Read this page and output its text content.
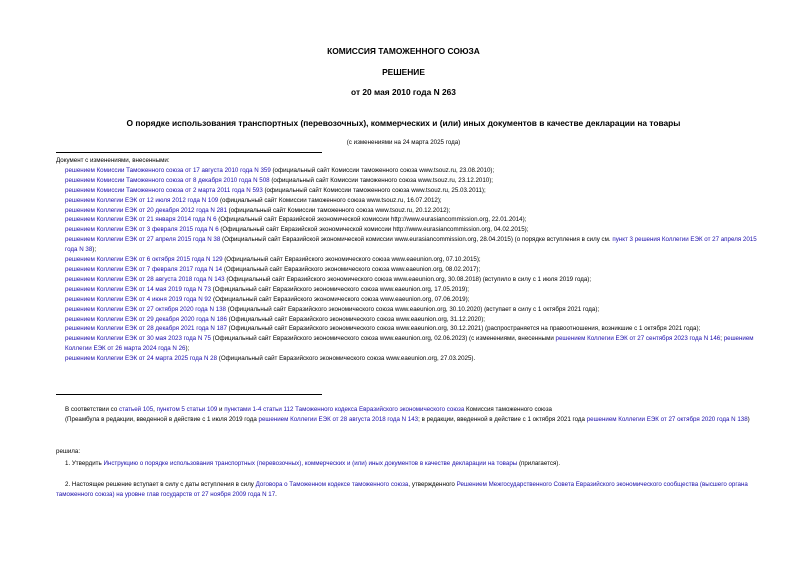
КОМИССИЯ ТАМОЖЕННОГО СОЮЗА
РЕШЕНИЕ
от 20 мая 2010 года N 263
О порядке использования транспортных (перевозочных), коммерческих и (или) иных документов в качестве декларации на товары
(с изменениями на 24 марта 2025 года)
Документ с изменениями, внесенными:
решением Комиссии Таможенного союза от 17 августа 2010 года N 359 (официальный сайт Комиссии таможенного союза www.tsouz.ru, 23.08.2010);
решением Комиссии Таможенного союза от 8 декабря 2010 года N 508 (официальный сайт Комиссии таможенного союза www.tsouz.ru, 23.12.2010);
решением Комиссии Таможенного союза от 2 марта 2011 года N 593 (официальный сайт Комиссии таможенного союза www.tsouz.ru, 25.03.2011);
решением Коллегии ЕЭК от 12 июля 2012 года N 109 (официальный сайт Комиссии таможенного союза www.tsouz.ru, 16.07.2012);
решением Коллегии ЕЭК от 20 декабря 2012 года N 281 (официальный сайт Комиссии таможенного союза www.tsouz.ru, 20.12.2012);
решением Коллегии ЕЭК от 21 января 2014 года N 6 (Официальный сайт Евразийской экономической комиссии http://www.eurasiancommission.org, 22.01.2014);
решением Коллегии ЕЭК от 3 февраля 2015 года N 6 (Официальный сайт Евразийской экономической комиссии http://www.eurasiancommission.org, 04.02.2015);
решением Коллегии ЕЭК от 27 апреля 2015 года N 38 (Официальный сайт Евразийской экономической комиссии www.eurasiancommission.org, 28.04.2015) (о порядке вступления в силу см. пункт 3 решения Коллегии ЕЭК от 27 апреля 2015 года N 38);
решением Коллегии ЕЭК от 6 октября 2015 года N 129 (Официальный сайт Евразийского экономического союза www.eaeunion.org, 07.10.2015);
решением Коллегии ЕЭК от 7 февраля 2017 года N 14 (Официальный сайт Евразийского экономического союза www.eaeunion.org, 08.02.2017);
решением Коллегии ЕЭК от 28 августа 2018 года N 143 (Официальный сайт Евразийского экономического союза www.eaeunion.org, 30.08.2018) (вступило в силу с 1 июля 2019 года);
решением Коллегии ЕЭК от 14 мая 2019 года N 73 (Официальный сайт Евразийского экономического союза www.eaeunion.org, 17.05.2019);
решением Коллегии ЕЭК от 4 июня 2019 года N 92 (Официальный сайт Евразийского экономического союза www.eaeunion.org, 07.06.2019);
решением Коллегии ЕЭК от 27 октября 2020 года N 138 (Официальный сайт Евразийского экономического союза www.eaeunion.org, 30.10.2020) (вступает в силу с 1 октября 2021 года);
решением Коллегии ЕЭК от 29 декабря 2020 года N 186 (Официальный сайт Евразийского экономического союза www.eaeunion.org, 31.12.2020);
решением Коллегии ЕЭК от 28 декабря 2021 года N 187 (Официальный сайт Евразийского экономического союза www.eaeunion.org, 30.12.2021) (распространяется на правоотношения, возникшие с 1 октября 2021 года);
решением Коллегии ЕЭК от 30 мая 2023 года N 75 (Официальный сайт Евразийского экономического союза www.eaeunion.org, 02.06.2023) (с изменениями, внесенными решением Коллегии ЕЭК от 27 сентября 2023 года N 146; решением Коллегии ЕЭК от 26 марта 2024 года N 26);
решением Коллегии ЕЭК от 24 марта 2025 года N 28 (Официальный сайт Евразийского экономического союза www.eaeunion.org, 27.03.2025).
В соответствии со статьей 105, пунктом 5 статьи 109 и пунктами 1-4 статьи 112 Таможенного кодекса Евразийского экономического союза Комиссия таможенного союза
(Преамбула в редакции, введенной в действие с 1 июля 2019 года решением Коллегии ЕЭК от 28 августа 2018 года N 143; в редакции, введенной в действие с 1 октября 2021 года решением Коллегии ЕЭК от 27 октября 2020 года N 138)
решила:
1. Утвердить Инструкцию о порядке использования транспортных (перевозочных), коммерческих и (или) иных документов в качестве декларации на товары (прилагается).
2. Настоящее решение вступает в силу с даты вступления в силу Договора о Таможенном кодексе таможенного союза, утвержденного Решением Межгосударственного Совета Евразийского экономического сообщества (высшего органа таможенного союза) на уровне глав государств от 27 ноября 2009 года N 17.
